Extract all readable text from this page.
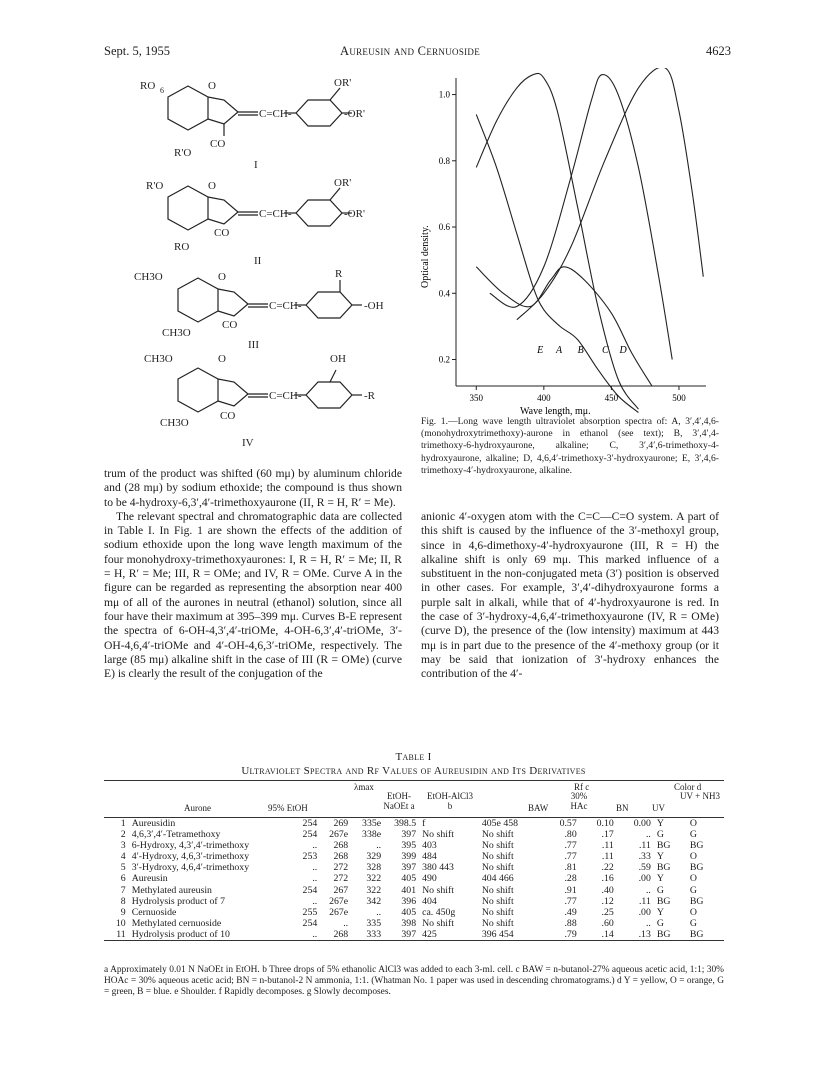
Sept. 5, 1955	Aureusin and Cernuoside	4623
RO 6	O
C=CH-
OR'
-OR'
CO
R'O
I
R'O	O
C=CH-
OR'
-OR'
CO
RO
II
CH3O	O
C=CH-
R
-OH
CO
CH3O
III
CH3O	O
C=CH-
OH
-R
CO
CH3O
IV
E A B C D
0.2
0.4
0.6
0.8
1.0
350	400	450	500
Optical density.
Wave length, mμ.
Fig. 1.—Long wave length ultraviolet absorption spectra of: A, 3′,4′,4,6-(monohydroxytrimethoxy)-aurone in ethanol (see text); B, 3′,4′,4-trimethoxy-6-hydroxyaurone, alkaline; C, 3′,4′,6-trimethoxy-4-hydroxyaurone, alkaline; D, 4,6,4′-trimethoxy-3′-hydroxyaurone; E, 3′,4,6-trimethoxy-4′-hydroxyaurone, alkaline.

trum of the product was shifted (60 mμ) by aluminum chloride and (28 mμ) by sodium ethoxide; the compound is thus shown to be 4-hydroxy-6,3′,4′-trimethoxyaurone (II, R = H, R′ = Me).

The relevant spectral and chromatographic data are collected in Table I. In Fig. 1 are shown the effects of the addition of sodium ethoxide upon the long wave length maximum of the four monohydroxy-trimethoxyaurones: I, R = H, R′ = Me; II, R = H, R′ = Me; III, R = OMe; and IV, R = OMe. Curve A in the figure can be regarded as representing the absorption near 400 mμ of all of the aurones in neutral (ethanol) solution, since all four have their maximum at 395–399 mμ. Curves B-E represent the spectra of 6-OH-4,3′,4′-triOMe, 4-OH-6,3′,4′-triOMe, 3′-OH-4,6,4′-triOMe and 4′-OH-4,6,3′-triOMe, respectively. The large (85 mμ) alkaline shift in the case of III (R = OMe) (curve E) is clearly the result of the conjugation of the

anionic 4′-oxygen atom with the C=C—C=O system. A part of this shift is caused by the influence of the 3′-methoxyl group, since in 4,6-dimethoxy-4′-hydroxyaurone (III, R = H) the alkaline shift is only 69 mμ. This marked influence of a substituent in the non-conjugated meta (3′) position is observed in other cases. For example, 3′,4′-dihydroxyaurone forms a purple salt in alkali, while that of 4′-hydroxyaurone is red. In the case of 3′-hydroxy-4,6,4′-trimethoxyaurone (IV, R = OMe) (curve D), the presence of the (low intensity) maximum at 443 mμ is in part due to the presence of the 4′-methoxy group (or it may be said that ionization of 3′-hydroxy enhances the contribution of the 4′-

Table I
Ultraviolet Spectra and Rf Values of Aureusidin and Its Derivatives
λmax	Rf c	Color d
Aurone	95% EtOH
EtOH-NaOEt a
EtOH-AlCl3 b	BAW
30% HAc	BN	UV
UV + NH3
1	Aureusidin	254	269	335e	398.5	f	405e 458	0.57	0.10	0.00	Y	O
2	4,6,3′,4′-Tetramethoxy	254	267e	338e	397	No shift	No shift	.80	.17	..	G	G
3	6-Hydroxy, 4,3′,4′-trimethoxy	..	268	..	395	403	No shift	.77	.11	.11	BG	BG
4	4′-Hydroxy, 4,6,3′-trimethoxy	253	268	329	399	484	No shift	.77	.11	.33	Y	O
5	3′-Hydroxy, 4,6,4′-trimethoxy	..	272	328	397	380 443	No shift	.81	.22	.59	BG	BG
6	Aureusin	..	272	322	405	490	404 466	.28	.16	.00	Y	O
7	Methylated aureusin	254	267	322	401	No shift	No shift	.91	.40	..	G	G
8	Hydrolysis product of 7	..	267e	342	396	404	No shift	.77	.12	.11	BG	BG
9	Cernuoside	255	267e	..	405	ca. 450g	No shift	.49	.25	.00	Y	O
10	Methylated cernuoside	254	..	335	398	No shift	No shift	.88	.60	..	G	G
11	Hydrolysis product of 10	..	268	333	397	425	396 454	.79	.14	.13	BG	BG
a Approximately 0.01 N NaOEt in EtOH. b Three drops of 5% ethanolic AlCl3 was added to each 3-ml. cell. c BAW = n-butanol-27% aqueous acetic acid, 1:1; 30% HOAc = 30% aqueous acetic acid; BN = n-butanol-2 N ammonia, 1:1. (Whatman No. 1 paper was used in descending chromatograms.) d Y = yellow, O = orange, G = green, B = blue. e Shoulder. f Rapidly decomposes. g Slowly decomposes.
